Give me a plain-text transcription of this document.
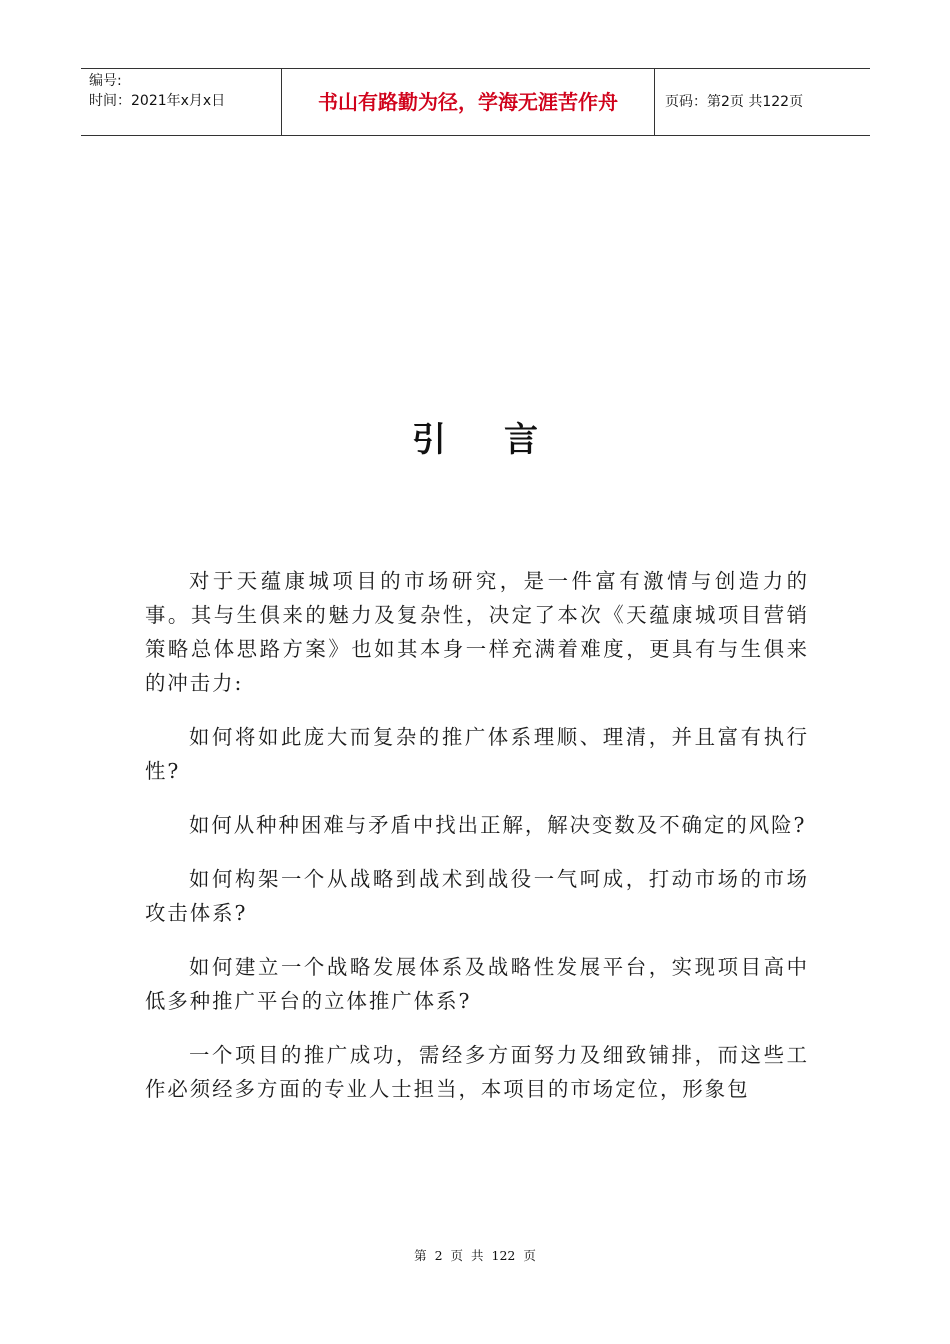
编号:
时间：2021年x月x日	书山有路勤为径，学海无涯苦作舟	页码：第2页 共122页
引 言

对于天蕴康城项目的市场研究，是一件富有激情与创造力的事。其与生俱来的魅力及复杂性，决定了本次《天蕴康城项目营销策略总体思路方案》也如其本身一样充满着难度，更具有与生俱来的冲击力:

如何将如此庞大而复杂的推广体系理顺、理清，并且富有执行性?

如何从种种困难与矛盾中找出正解，解决变数及不确定的风险?

如何构架一个从战略到战术到战役一气呵成，打动市场的市场攻击体系?

如何建立一个战略发展体系及战略性发展平台，实现项目高中低多种推广平台的立体推广体系?

一个项目的推广成功，需经多方面努力及细致铺排，而这些工作必须经多方面的专业人士担当，本项目的市场定位，形象包

第 2 页 共 122 页
